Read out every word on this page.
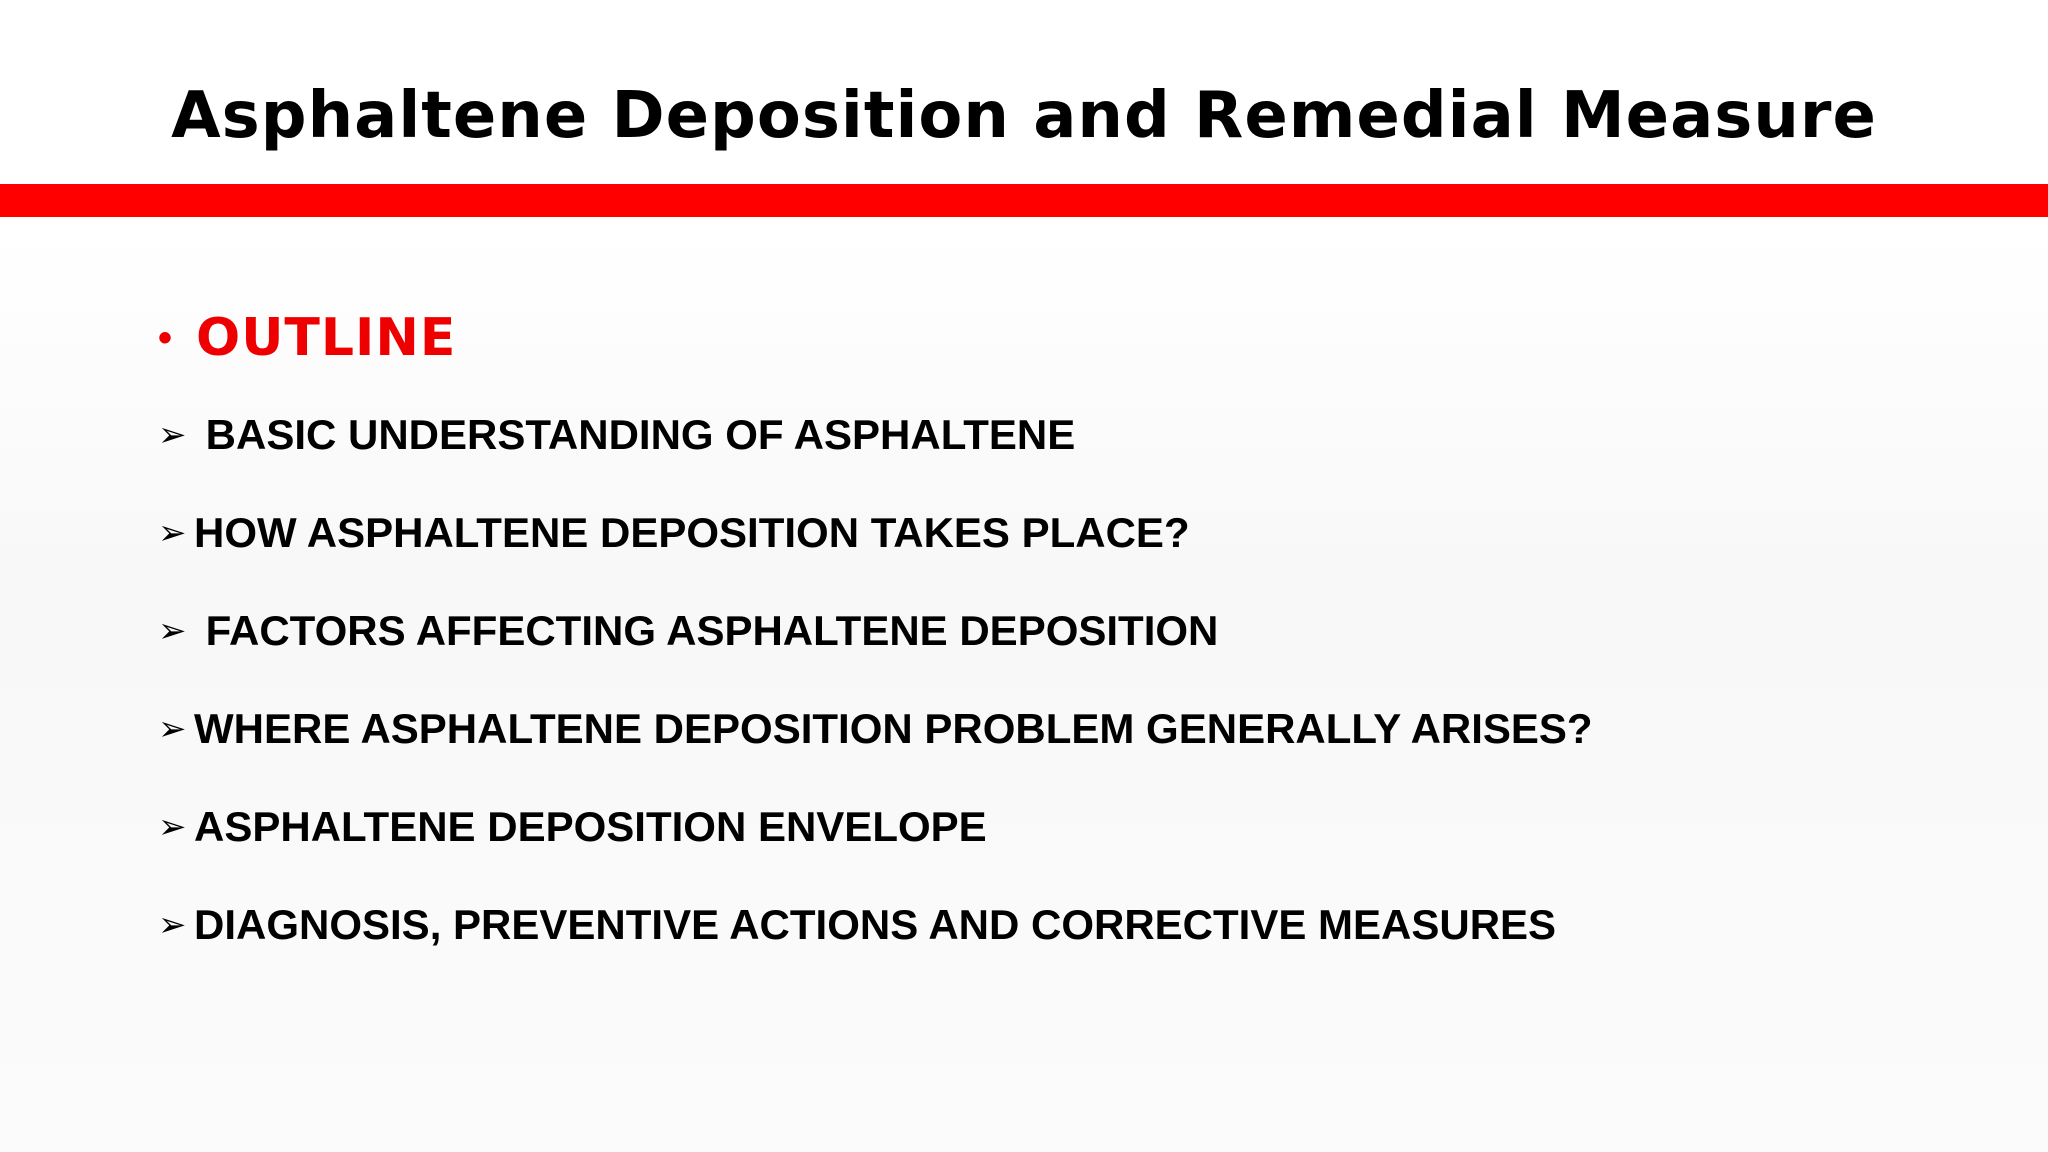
Asphaltene Deposition and Remedial Measure
• OUTLINE
➢ BASIC UNDERSTANDING OF ASPHALTENE
➢ HOW ASPHALTENE DEPOSITION TAKES PLACE?
➢ FACTORS AFFECTING ASPHALTENE DEPOSITION
➢ WHERE ASPHALTENE DEPOSITION PROBLEM GENERALLY ARISES?
➢ ASPHALTENE DEPOSITION ENVELOPE
➢ DIAGNOSIS, PREVENTIVE ACTIONS AND CORRECTIVE MEASURES
